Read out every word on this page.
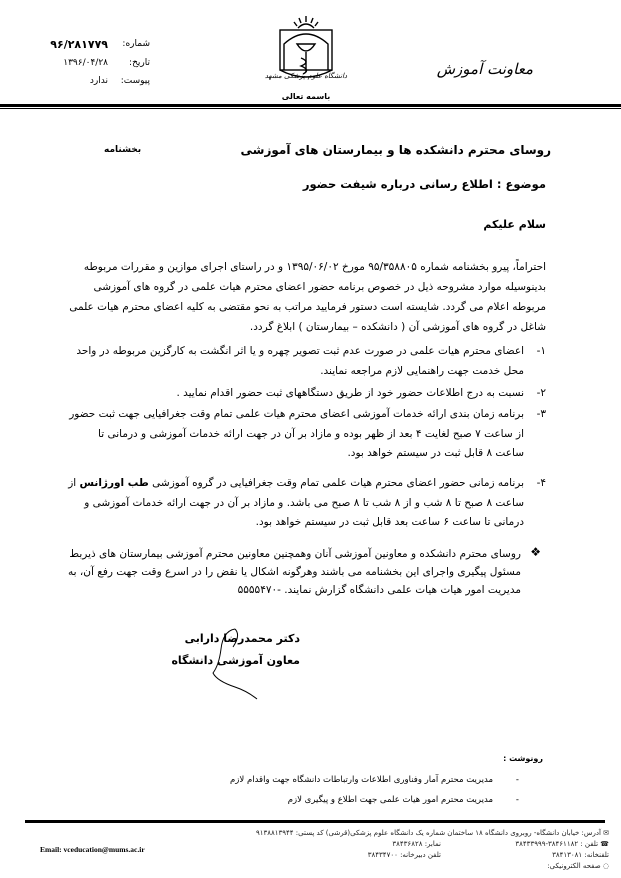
معاونت آموزش
دانشگاه علوم پزشکی مشهد
باسمه تعالی
شماره:
۹۶/۲۸۱۷۷۹
تاریخ:
۱۳۹۶/۰۴/۲۸
پیوست:
ندارد
روسای محترم دانشکده ها و بیمارستان های آموزشی
بخشنامه
موضوع : اطلاع رسانی درباره شیفت حضور
سلام علیکم
احتراماً، پیرو بخشنامه شماره ۹۵/۳۵۸۸۰۵ مورخ ۱۳۹۵/۰۶/۰۲ و در راستای اجرای موازین و مقررات مربوطه
بدینوسیله موارد مشروحه ذیل در خصوص برنامه حضور اعضای محترم هیات علمی در گروه های آموزشی
مربوطه اعلام می گردد. شایسته است دستور فرمایید مراتب به نحو مقتضی به کلیه اعضای محترم هیات علمی
شاغل در گروه های آموزشی آن ( دانشکده – بیمارستان ) ابلاغ گردد.
۱-اعضای محترم هیات علمی در صورت عدم ثبت تصویر چهره و یا اثر انگشت به کارگزین مربوطه در واحد
محل خدمت جهت راهنمایی لازم مراجعه نمایند.
۲-نسبت به درج اطلاعات حضور خود از طریق دستگاههای ثبت حضور اقدام نمایید .
۳-برنامه زمان بندی ارائه خدمات آموزشی اعضای محترم هیات علمی تمام وقت جغرافیایی جهت ثبت حضور
از ساعت ۷ صبح لغایت ۴ بعد از ظهر بوده و مازاد بر آن در جهت ارائه خدمات آموزشی و درمانی تا
ساعت ۸ قابل ثبت در سیستم خواهد بود.
۴-برنامه زمانی حضور اعضای محترم هیات علمی تمام وقت جغرافیایی در گروه آموزشی طب اورژانس از
ساعت ۸ صبح تا ۸ شب و از ۸ شب تا ۸ صبح می باشد. و مازاد بر آن در جهت ارائه خدمات آموزشی و
درمانی تا ساعت ۶ ساعت بعد قابل ثبت در سیستم خواهد بود.
❖
روسای محترم دانشکده و معاونین آموزشی آنان وهمچنین معاونین محترم آموزشی بیمارستان های ذیربط
مسئول پیگیری واجرای این بخشنامه می باشند وهرگونه اشکال یا نقض را در اسرع وقت جهت رفع آن، به
مدیریت امور هیات هیات علمی دانشگاه گزارش نمایند. -۵۵۵۵۴۷۰
دکتر محمدرضا دارابی
معاون آموزشی دانشگاه
رونوشت :
-مدیریت محترم آمار وفناوری اطلاعات وارتباطات دانشگاه جهت واقدام لازم
-مدیریت محترم امور هیات علمی جهت اطلاع و پیگیری لازم
✉ آدرس: خیابان دانشگاه- روبروی دانشگاه ۱۸ ساختمان شماره یک دانشگاه علوم پزشکی(قرشی) کد پستی: ۹۱۳۸۸۱۳۹۴۴
☎ تلفن : ۳۸۴۶۱۱۸۲-۳۸۴۳۳۹۹۹
نمابر: ۳۸۴۳۶۸۲۸
تلفنخانه: ۳۸۴۱۳۰۸۱
تلفن دبیرخانه: ۳۸۴۳۴۷۰۰
◌ صفحه الکترونیکی:
Email: vceducation@mums.ac.ir
